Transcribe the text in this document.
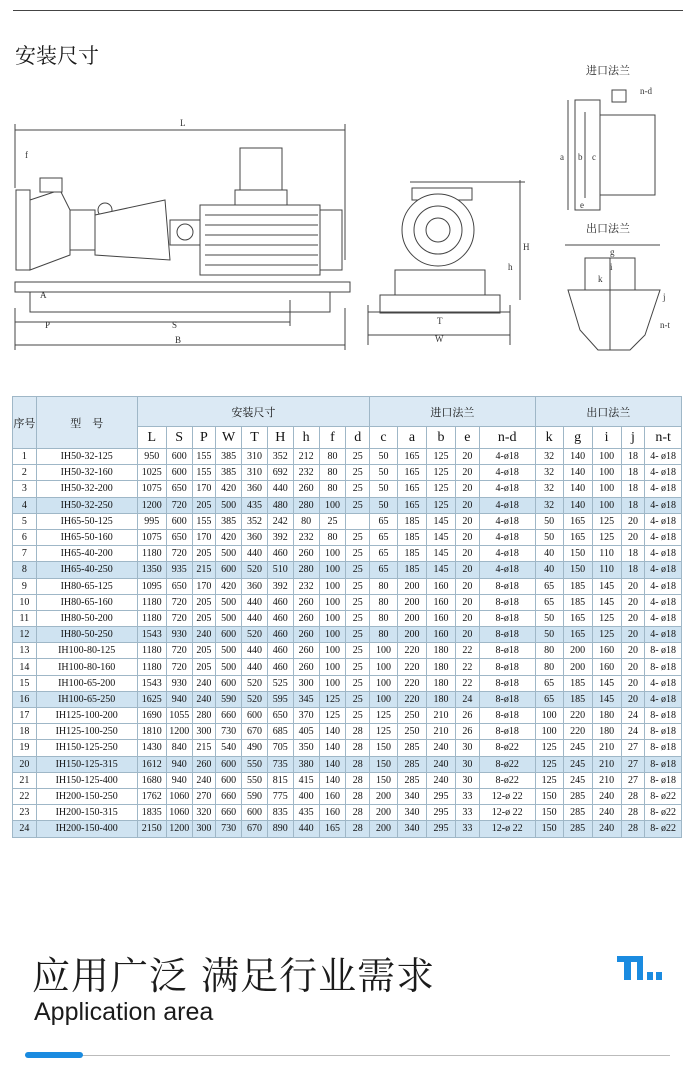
安装尺寸
L
f
A
P	S
B
H
h
T
W
n-d
a b c
e
g
i
k
j
n-t
进口法兰
出口法兰
序号	型　号	安装尺寸									进口法兰					出口法兰				
		L	S	P	W	T	H	h	f	d	c	a	b	e	n-d	k	g	i	j	n-t
1	IH50-32-125	950	600	155	385	310	352	212	80	25	50	165	125	20	4-ø18	32	140	100	18	4- ø18
2	IH50-32-160	1025	600	155	385	310	692	232	80	25	50	165	125	20	4-ø18	32	140	100	18	4- ø18
3	IH50-32-200	1075	650	170	420	360	440	260	80	25	50	165	125	20	4-ø18	32	140	100	18	4- ø18
4	IH50-32-250	1200	720	205	500	435	480	280	100	25	50	165	125	20	4-ø18	32	140	100	18	4- ø18
5	IH65-50-125	995	600	155	385	352	242	80	25		65	185	145	20	4-ø18	50	165	125	20	4- ø18
6	IH65-50-160	1075	650	170	420	360	392	232	80	25	65	185	145	20	4-ø18	50	165	125	20	4- ø18
7	IH65-40-200	1180	720	205	500	440	460	260	100	25	65	185	145	20	4-ø18	40	150	110	18	4- ø18
8	IH65-40-250	1350	935	215	600	520	510	280	100	25	65	185	145	20	4-ø18	40	150	110	18	4- ø18
9	IH80-65-125	1095	650	170	420	360	392	232	100	25	80	200	160	20	8-ø18	65	185	145	20	4- ø18
10	IH80-65-160	1180	720	205	500	440	460	260	100	25	80	200	160	20	8-ø18	65	185	145	20	4- ø18
11	IH80-50-200	1180	720	205	500	440	460	260	100	25	80	200	160	20	8-ø18	50	165	125	20	4- ø18
12	IH80-50-250	1543	930	240	600	520	460	260	100	25	80	200	160	20	8-ø18	50	165	125	20	4- ø18
13	IH100-80-125	1180	720	205	500	440	460	260	100	25	100	220	180	22	8-ø18	80	200	160	20	8- ø18
14	IH100-80-160	1180	720	205	500	440	460	260	100	25	100	220	180	22	8-ø18	80	200	160	20	8- ø18
15	IH100-65-200	1543	930	240	600	520	525	300	100	25	100	220	180	22	8-ø18	65	185	145	20	4- ø18
16	IH100-65-250	1625	940	240	590	520	595	345	125	25	100	220	180	24	8-ø18	65	185	145	20	4- ø18
17	IH125-100-200	1690	1055	280	660	600	650	370	125	25	125	250	210	26	8-ø18	100	220	180	24	8- ø18
18	IH125-100-250	1810	1200	300	730	670	685	405	140	28	125	250	210	26	8-ø18	100	220	180	24	8- ø18
19	IH150-125-250	1430	840	215	540	490	705	350	140	28	150	285	240	30	8-ø22	125	245	210	27	8- ø18
20	IH150-125-315	1612	940	260	600	550	735	380	140	28	150	285	240	30	8-ø22	125	245	210	27	8- ø18
21	IH150-125-400	1680	940	240	600	550	815	415	140	28	150	285	240	30	8-ø22	125	245	210	27	8- ø18
22	IH200-150-250	1762	1060	270	660	590	775	400	160	28	200	340	295	33	12-ø 22	150	285	240	28	8- ø22
23	IH200-150-315	1835	1060	320	660	600	835	435	160	28	200	340	295	33	12-ø 22	150	285	240	28	8- ø22
24	IH200-150-400	2150	1200	300	730	670	890	440	165	28	200	340	295	33	12-ø 22	150	285	240	28	8- ø22
应用广泛 满足行业需求
Application area
